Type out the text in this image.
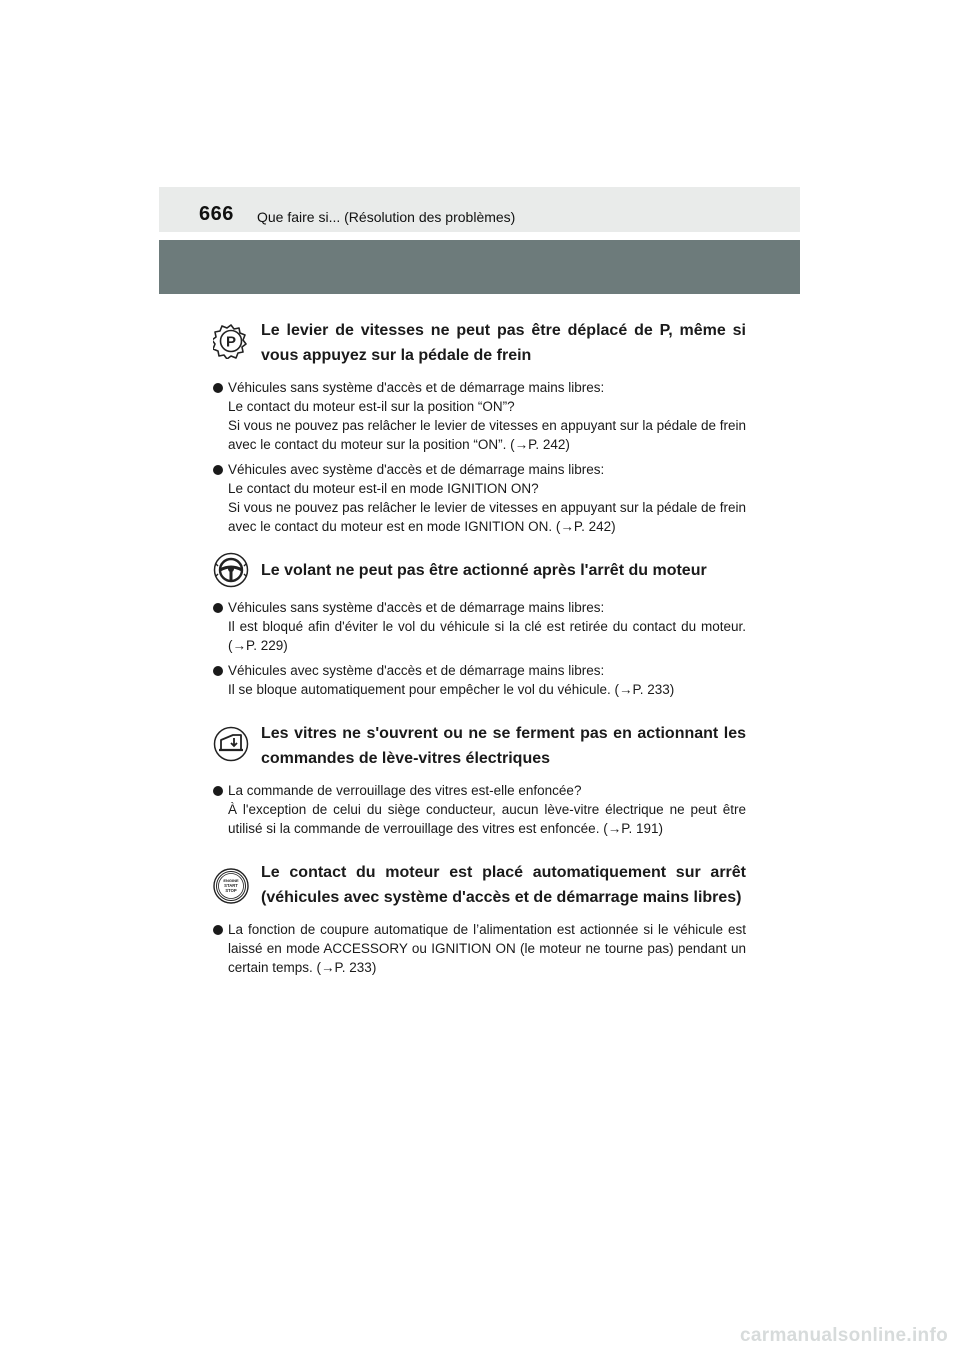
666 Que faire si... (Résolution des problèmes)
P
Le levier de vitesses ne peut pas être déplacé de P, même si vous appuyez sur la pédale de frein
Véhicules sans système d'accès et de démarrage mains libres:
Le contact du moteur est-il sur la position “ON”?
Si vous ne pouvez pas relâcher le levier de vitesses en appuyant sur la pédale de frein avec le contact du moteur sur la position “ON”. (→P. 242)
Véhicules avec système d'accès et de démarrage mains libres:
Le contact du moteur est-il en mode IGNITION ON?
Si vous ne pouvez pas relâcher le levier de vitesses en appuyant sur la pédale de frein avec le contact du moteur est en mode IGNITION ON. (→P. 242)
Le volant ne peut pas être actionné après l'arrêt du moteur
Véhicules sans système d'accès et de démarrage mains libres:
Il est bloqué afin d'éviter le vol du véhicule si la clé est retirée du contact du moteur. (→P. 229)
Véhicules avec système d'accès et de démarrage mains libres:
Il se bloque automatiquement pour empêcher le vol du véhicule. (→P. 233)
Les vitres ne s'ouvrent ou ne se ferment pas en actionnant les commandes de lève-vitres électriques
La commande de verrouillage des vitres est-elle enfoncée?
À l'exception de celui du siège conducteur, aucun lève-vitre électrique ne peut être utilisé si la commande de verrouillage des vitres est enfoncée. (→P. 191)
ENGINE
START
STOP
Le contact du moteur est placé automatiquement sur arrêt (véhicules avec système d'accès et de démarrage mains libres)
La fonction de coupure automatique de l’alimentation est actionnée si le véhicule est laissé en mode ACCESSORY ou IGNITION ON (le moteur ne tourne pas) pendant un certain temps. (→P. 233)
carmanualsonline.info
